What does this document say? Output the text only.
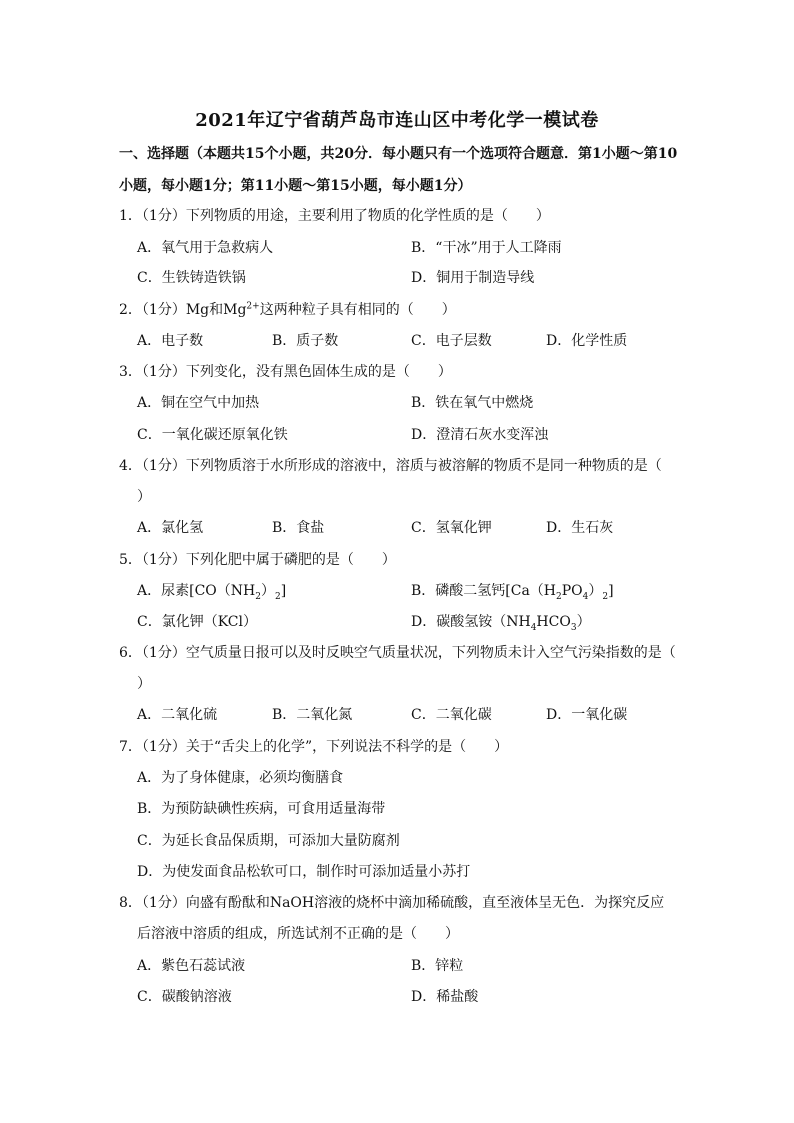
2021年辽宁省葫芦岛市连山区中考化学一模试卷
一、选择题（本题共15个小题，共20分．每小题只有一个选项符合题意．第1小题～第10
小题，每小题1分；第11小题～第15小题，每小题1分）
1．（1分）下列物质的用途，主要利用了物质的化学性质的是（　　）
A．氧气用于急救病人	B．“干冰”用于人工降雨
C．生铁铸造铁锅	D．铜用于制造导线
2．（1分）Mg和$Mg^{2+}$这两种粒子具有相同的（　　）
A．电子数	B．质子数	C．电子层数	D．化学性质
3．（1分）下列变化，没有黑色固体生成的是（　　）
A．铜在空气中加热	B．铁在氧气中燃烧
C．一氧化碳还原氧化铁	D．澄清石灰水变浑浊
4．（1分）下列物质溶于水所形成的溶液中，溶质与被溶解的物质不是同一种物质的是（
）
A．氯化氢	B．食盐	C．氢氧化钾	D．生石灰
5．（1分）下列化肥中属于磷肥的是（　　）
A．尿素$[CO(NH_2)_2]$	B．磷酸二氢钙$[Ca(H_2PO_4)_2]$
C．氯化钾（KCl）	D．碳酸氢铵$(NH_4HCO_3)$
6．（1分）空气质量日报可以及时反映空气质量状况，下列物质未计入空气污染指数的是（
）
A．二氧化硫	B．二氧化氮	C．二氧化碳	D．一氧化碳
7．（1分）关于“舌尖上的化学”，下列说法不科学的是（　　）
A．为了身体健康，必须均衡膳食
B．为预防缺碘性疾病，可食用适量海带
C．为延长食品保质期，可添加大量防腐剂
D．为使发面食品松软可口，制作时可添加适量小苏打
8．（1分）向盛有酚酞和NaOH溶液的烧杯中滴加稀硫酸，直至液体呈无色．为探究反应
后溶液中溶质的组成，所选试剂不正确的是（　　）
A．紫色石蕊试液	B．锌粒
C．碳酸钠溶液	D．稀盐酸
